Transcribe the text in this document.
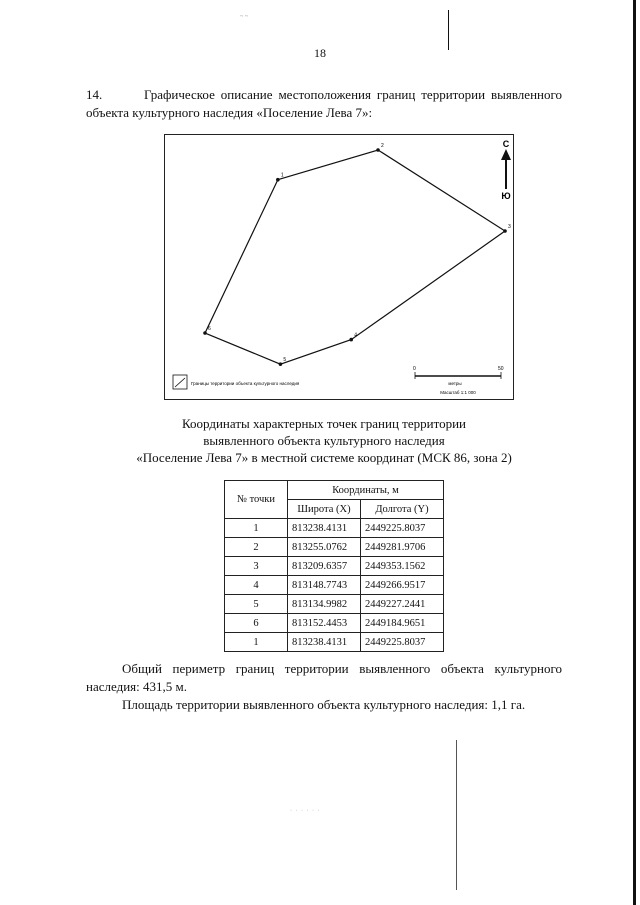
~ ~
18
14.	Графическое описание местоположения границ территории выявленного объекта культурного наследия «Поселение Лева 7»:
1
2
3
4
5
6
С
Ю
Границы территории объекта культурного наследия
0	50
метры
Масштаб 1:1 000
Координаты характерных точек границ территории
выявленного объекта культурного наследия
«Поселение Лева 7» в местной системе координат (МСК 86, зона 2)
№ точки	Координаты, м	
	Широта (X)	Долгота (Y)
1	813238.4131	2449225.8037
2	813255.0762	2449281.9706
3	813209.6357	2449353.1562
4	813148.7743	2449266.9517
5	813134.9982	2449227.2441
6	813152.4453	2449184.9651
1	813238.4131	2449225.8037
Общий периметр границ территории выявленного объекта культурного наследия: 431,5 м.
Площадь территории выявленного объекта культурного наследия: 1,1 га.
· · · · · ·
